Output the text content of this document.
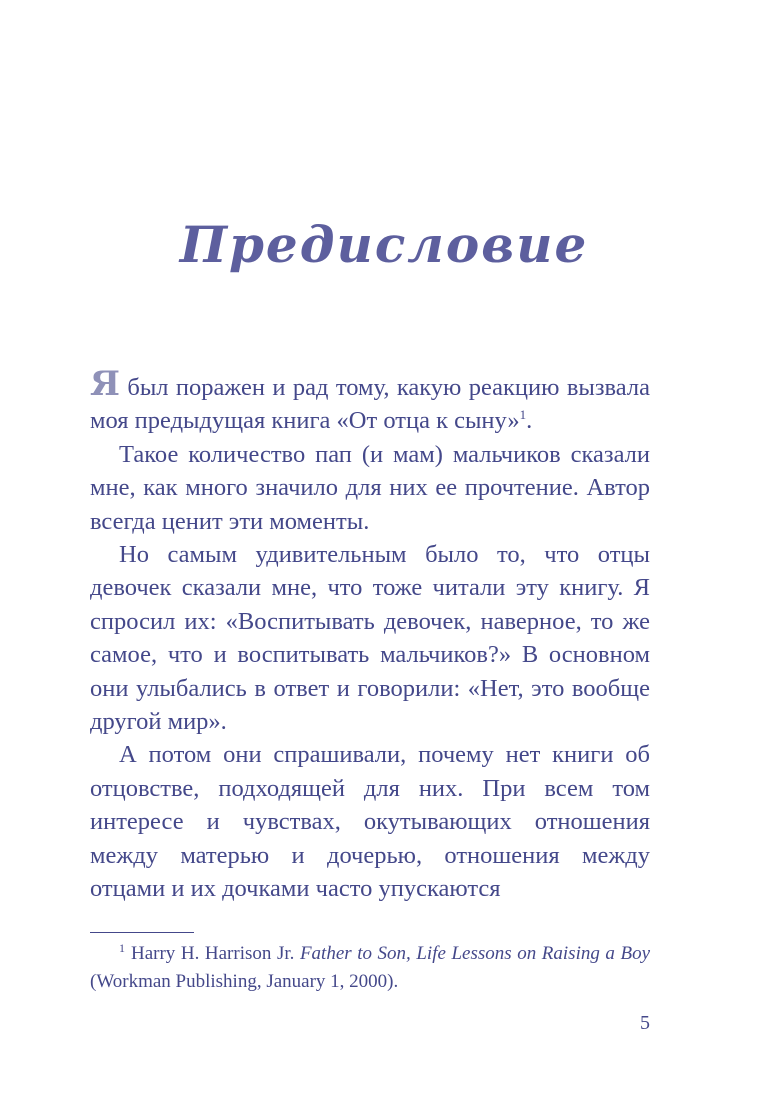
Предисловие

Я был поражен и рад тому, какую реакцию вызвала моя предыдущая книга «От отца к сыну»$^1$.

Такое количество пап (и мам) мальчиков сказали мне, как много значило для них ее прочтение. Автор всегда ценит эти моменты.

Но самым удивительным было то, что отцы девочек сказали мне, что тоже читали эту книгу. Я спросил их: «Воспитывать девочек, наверное, то же самое, что и воспитывать мальчиков?» В основном они улыбались в ответ и говорили: «Нет, это вообще другой мир».

А потом они спрашивали, почему нет книги об отцовстве, подходящей для них. При всем том интересе и чувствах, окутывающих отношения между матерью и дочерью, отношения между отцами и их дочками часто упускаются

$^1$ Harry H. Harrison Jr. Father to Son, Life Lessons on Raising a Boy (Workman Publishing, January 1, 2000).

5
